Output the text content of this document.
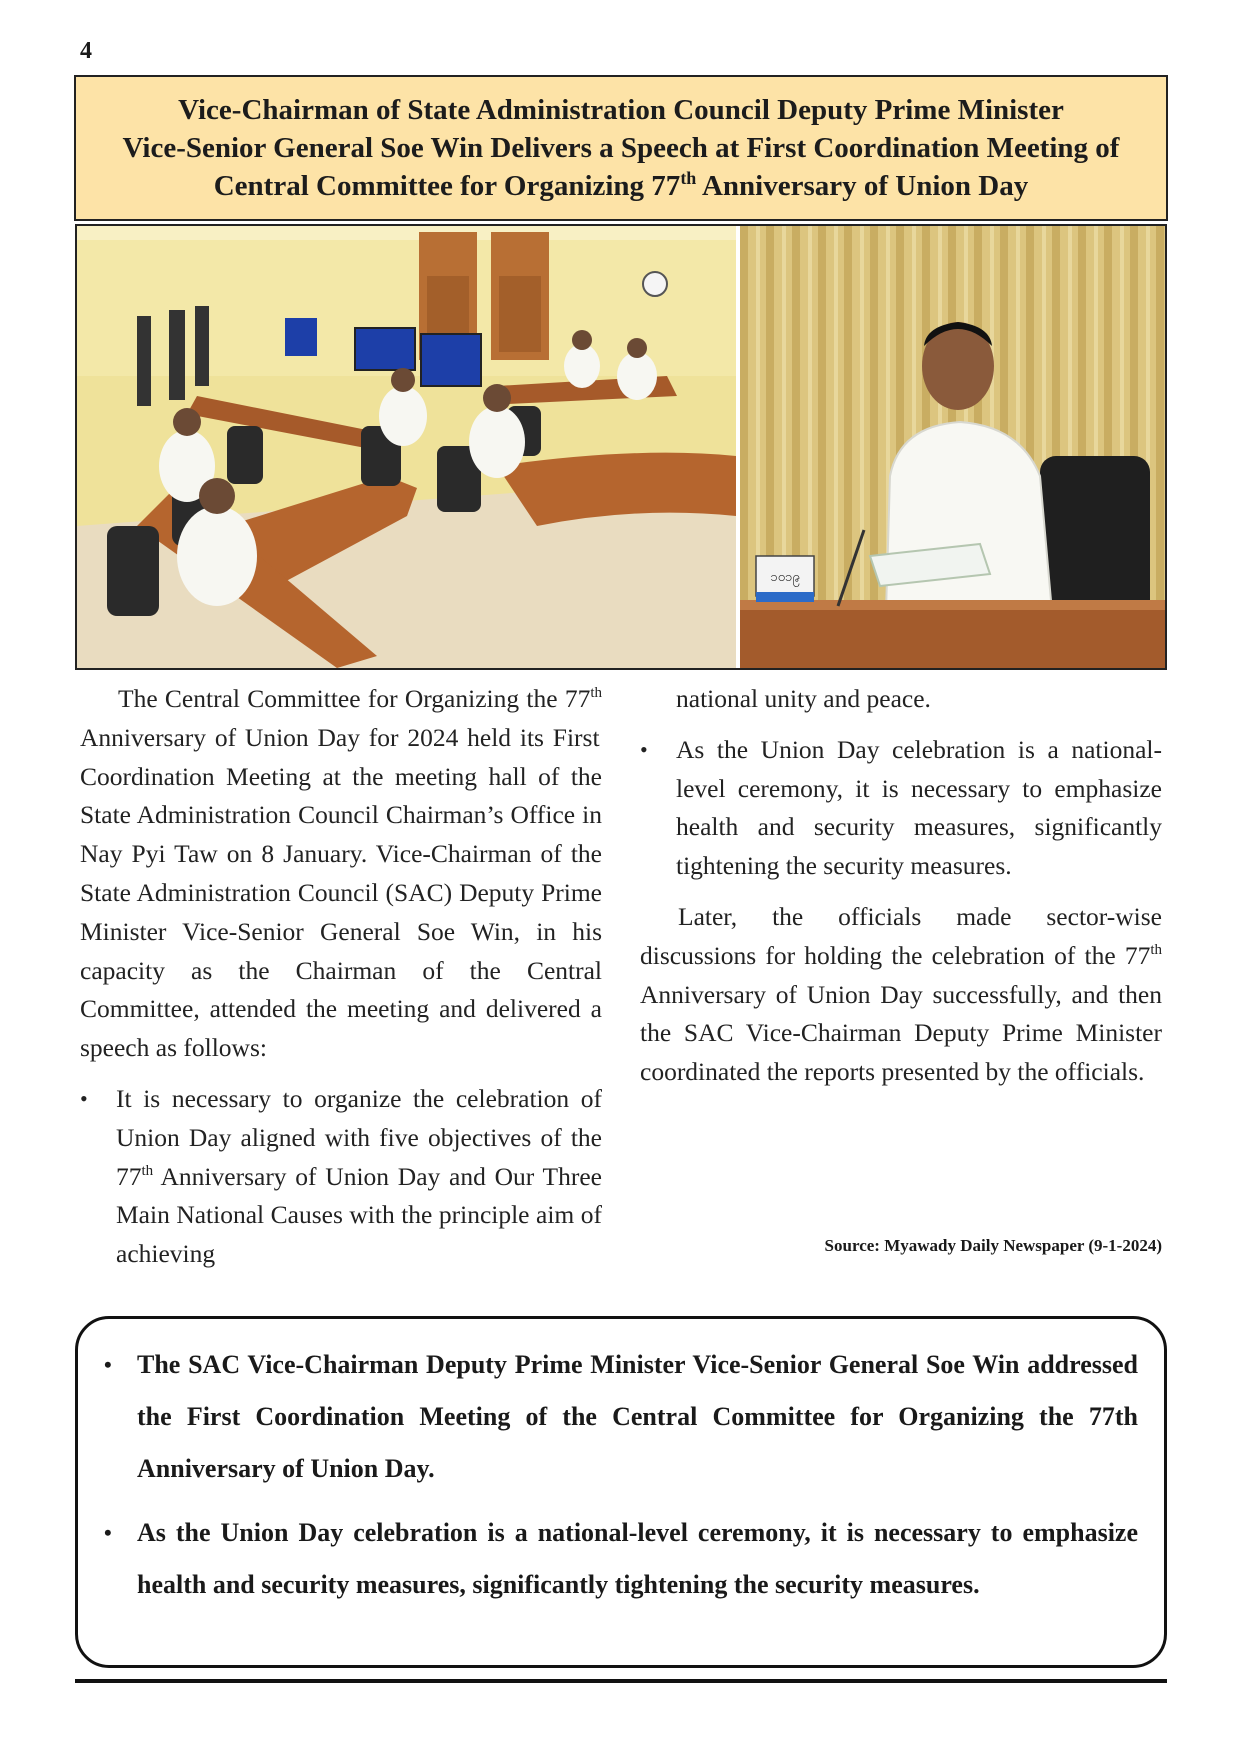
4
Vice-Chairman of State Administration Council Deputy Prime Minister
Vice-Senior General Soe Win Delivers a Speech at First Coordination Meeting of
Central Committee for Organizing 77th Anniversary of Union Day
၁၀၁၉

The Central Committee for Organizing the 77th Anniversary of Union Day for 2024 held its First Coordination Meeting at the meeting hall of the State Administration Council Chairman’s Office in Nay Pyi Taw on 8 January. Vice-Chairman of the State Administration Council (SAC) Deputy Prime Minister Vice-Senior General Soe Win, in his capacity as the Chairman of the Central Committee, attended the meeting and delivered a speech as follows:

• It is necessary to organize the celebration of Union Day aligned with five objectives of the 77th Anniversary of Union Day and Our Three Main National Causes with the principle aim of achieving

national unity and peace.

• As the Union Day celebration is a national-level ceremony, it is necessary to emphasize health and security measures, significantly tightening the security measures.

Later, the officials made sector-wise discussions for holding the celebration of the 77th Anniversary of Union Day successfully, and then the SAC Vice-Chairman Deputy Prime Minister coordinated the reports presented by the officials.

Source: Myawady Daily Newspaper (9-1-2024)
• The SAC Vice-Chairman Deputy Prime Minister Vice-Senior General Soe Win addressed the First Coordination Meeting of the Central Committee for Organizing the 77th Anniversary of Union Day.
• As the Union Day celebration is a national-level ceremony, it is necessary to emphasize health and security measures, significantly tightening the security measures.
